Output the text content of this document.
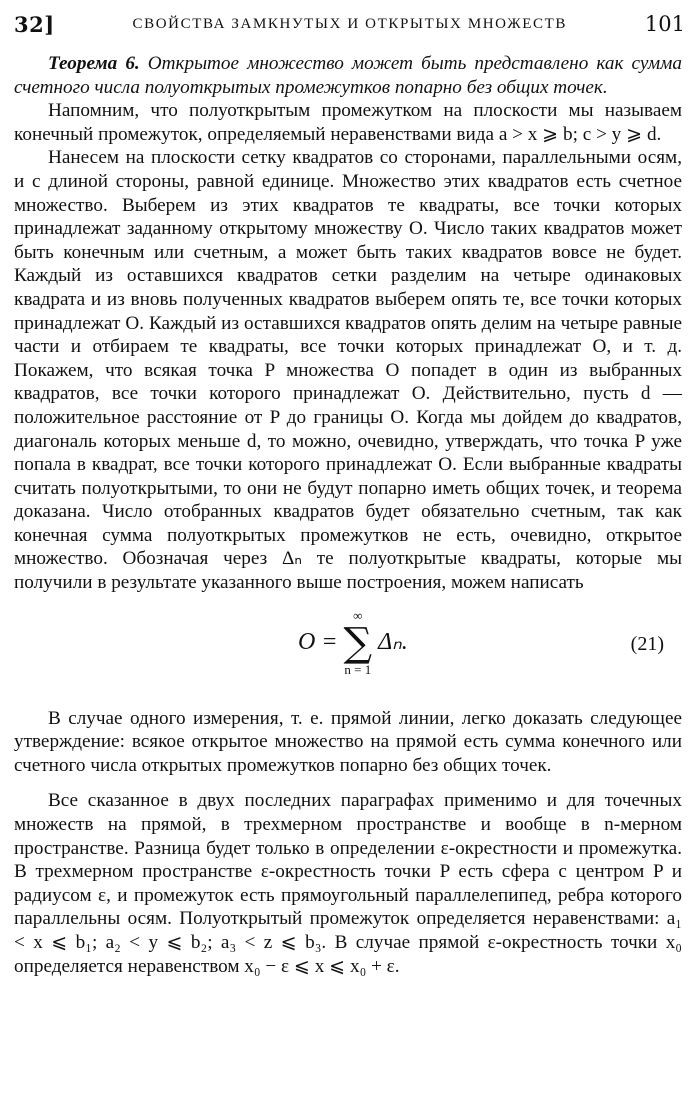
32]	СВОЙСТВА ЗАМКНУТЫХ И ОТКРЫТЫХ МНОЖЕСТВ	101

Теорема 6. Открытое множество может быть представлено как сумма счетного числа полуоткрытых промежутков попарно без общих точек.

Напомним, что полуоткрытым промежутком на плоскости мы называем конечный промежуток, определяемый неравенствами вида a > x ⩾ b; c > y ⩾ d.

Нанесем на плоскости сетку квадратов со сторонами, параллельными осям, и с длиной стороны, равной единице. Множество этих квадратов есть счетное множество. Выберем из этих квадратов те квадраты, все точки которых принадлежат заданному открытому множеству O. Число таких квадратов может быть конечным или счетным, а может быть таких квадратов вовсе не будет. Каждый из оставшихся квадратов сетки разделим на четыре одинаковых квадрата и из вновь полученных квадратов выберем опять те, все точки которых принадлежат O. Каждый из оставшихся квадратов опять делим на четыре равные части и отбираем те квадраты, все точки которых принадлежат O, и т. д. Покажем, что всякая точка P множества O попадет в один из выбранных квадратов, все точки которого принадлежат O. Действительно, пусть d — положительное расстояние от P до границы O. Когда мы дойдем до квадратов, диагональ которых меньше d, то можно, очевидно, утверждать, что точка P уже попала в квадрат, все точки которого принадлежат O. Если выбранные квадраты считать полуоткрытыми, то они не будут попарно иметь общих точек, и теорема доказана. Число отобранных квадратов будет обязательно счетным, так как конечная сумма полуоткрытых промежутков не есть, очевидно, открытое множество. Обозначая через Δₙ те полуоткрытые квадраты, которые мы получили в результате указанного выше построения, можем написать

O =
∞
∑
n = 1
Δₙ.	(21)

В случае одного измерения, т. е. прямой линии, легко доказать следующее утверждение: всякое открытое множество на прямой есть сумма конечного или счетного числа открытых промежутков попарно без общих точек.

Все сказанное в двух последних параграфах применимо и для точечных множеств на прямой, в трехмерном пространстве и вообще в n-мерном пространстве. Разница будет только в определении ε-окрестности и промежутка. В трехмерном пространстве ε-окрестность точки P есть сфера с центром P и радиусом ε, и промежуток есть прямоугольный параллелепипед, ребра которого параллельны осям. Полуоткрытый промежуток определяется неравенствами: a₁ < x ⩽ b₁; a₂ < y ⩽ b₂; a₃ < z ⩽ b₃. В случае прямой ε-окрестность точки x₀ определяется неравенством x₀ − ε ⩽ x ⩽ x₀ + ε.
